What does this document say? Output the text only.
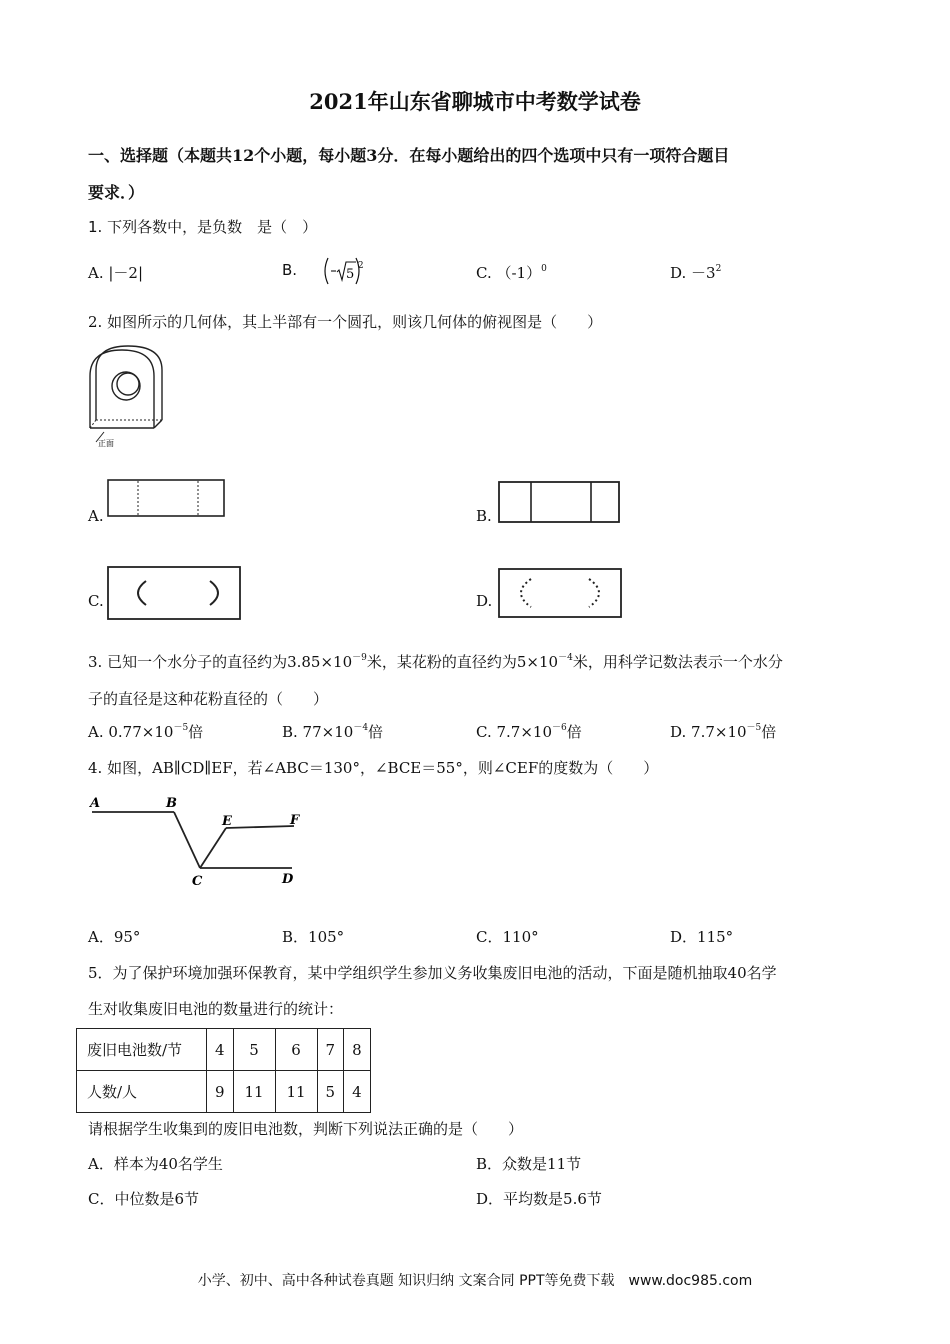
2021年山东省聊城市中考数学试卷
一、选择题（本题共12个小题，每小题3分．在每小题给出的四个选项中只有一项符合题目
要求．）
1. 下列各数中，是负数　是（　）
A. |－2|	B.	5
$^2$	C. $(-1)^0$	D. $-3^2$
2. 如图所示的几何体，其上半部有一个圆孔，则该几何体的俯视图是（　　）
正面
A.	B.
C.	D.
3. 已知一个水分子的直径约为$3.85\times 10^{-9}$米，某花粉的直径约为$5\times 10^{-4}$米，用科学记数法表示一个水分
子的直径是这种花粉直径的（　　）
A. $0.77\times 10^{-5}$倍	B. $77\times 10^{-4}$倍	C. $7.7\times 10^{-6}$倍	D. $7.7\times 10^{-5}$倍
4. 如图，AB∥CD∥EF，若∠ABC＝130°，∠BCE＝55°，则∠CEF的度数为（　　）
A	B
E	F
C	D
A．95°	B．105°	C．110°	D．115°
5．为了保护环境加强环保教育，某中学组织学生参加义务收集废旧电池的活动，下面是随机抽取40名学
生对收集废旧电池的数量进行的统计：
废旧电池数/节	4	5	6	7	8
人数/人	9	11	11	5	4
请根据学生收集到的废旧电池数，判断下列说法正确的是（　　）
A．样本为40名学生	B．众数是11节
C．中位数是6节	D．平均数是5.6节
小学、初中、高中各种试卷真题 知识归纳 文案合同 PPT等免费下载　www.doc985.com
